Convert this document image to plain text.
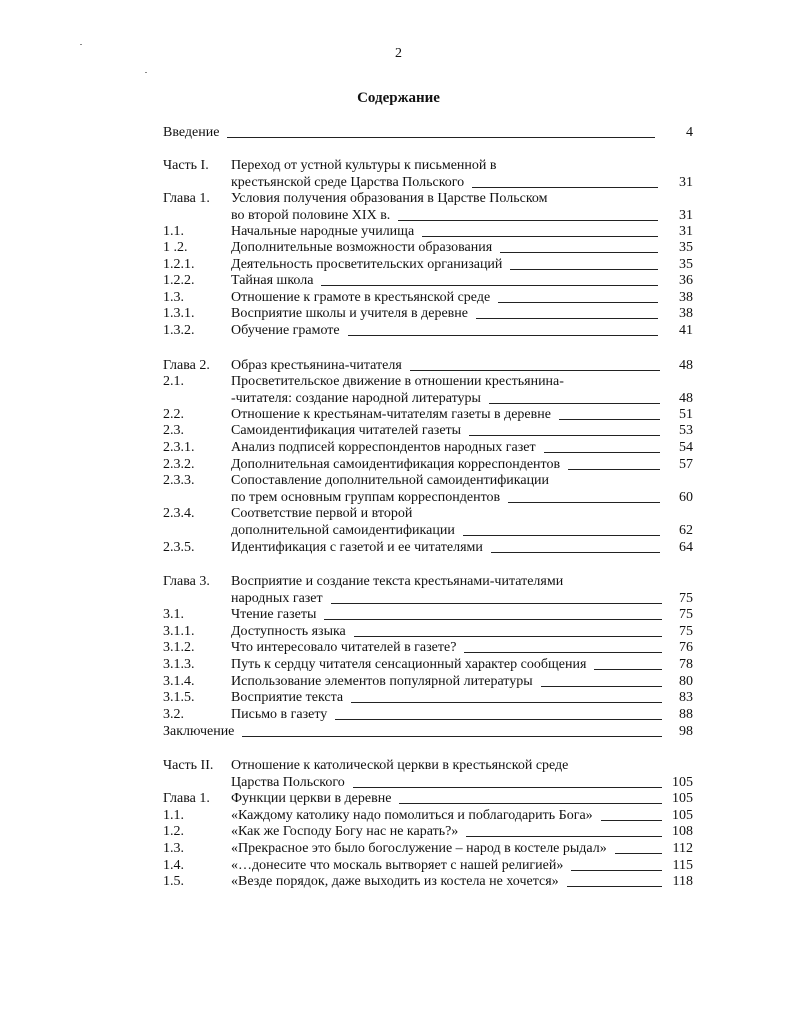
2
Содержание
Введение	4
Часть I. Переход от устной культуры к письменной в
крестьянской среде Царства Польского	31
Глава 1. Условия получения образования в Царстве Польском
во второй половине XIX в.	31
1.1.	Начальные народные училища	31
1 .2.	Дополнительные возможности образования	35
1.2.1.	Деятельность просветительских организаций	35
1.2.2.	Тайная школа	36
1.3.	Отношение к грамоте в крестьянской среде	38
1.3.1.	Восприятие школы и учителя в деревне	38
1.3.2.	Обучение грамоте	41
Глава 2. Образ крестьянина-читателя	48
2.1.	Просветительское движение в отношении крестьянина-
-читателя: создание народной литературы	48
2.2.	Отношение к крестьянам-читателям газеты в деревне	51
2.3.	Самоидентификация читателей газеты	53
2.3.1.	Анализ подписей корреспондентов народных газет	54
2.3.2.	Дополнительная самоидентификация корреспондентов	57
2.3.3.	Сопоставление дополнительной самоидентификации
по трем основным группам корреспондентов	60
2.3.4.	Соответствие первой и второй
дополнительной самоидентификации	62
2.3.5.	Идентификация с газетой и ее читателями	64
Глава 3. Восприятие и создание текста крестьянами-читателями
народных газет	75
3.1.	Чтение газеты	75
3.1.1.	Доступность языка	75
3.1.2.	Что интересовало читателей в газете?	76
3.1.3.	Путь к сердцу читателя сенсационный характер сообщения	78
3.1.4.	Использование элементов популярной литературы	80
3.1.5.	Восприятие текста	83
3.2.	Письмо в газету	88
Заключение	98
Часть II. Отношение к католической церкви в крестьянской среде
Царства Польского	105
Глава 1. Функции церкви в деревне	105
1.1.	«Каждому католику надо помолиться и поблагодарить Бога»	105
1.2.	«Как же Господу Богу нас не карать?»	108
1.3.	«Прекрасное это было богослужение – народ в костеле рыдал»	112
1.4.	«…донесите что москаль вытворяет с нашей религией»	115
1.5.	«Везде порядок, даже выходить из костела не хочется»	118
